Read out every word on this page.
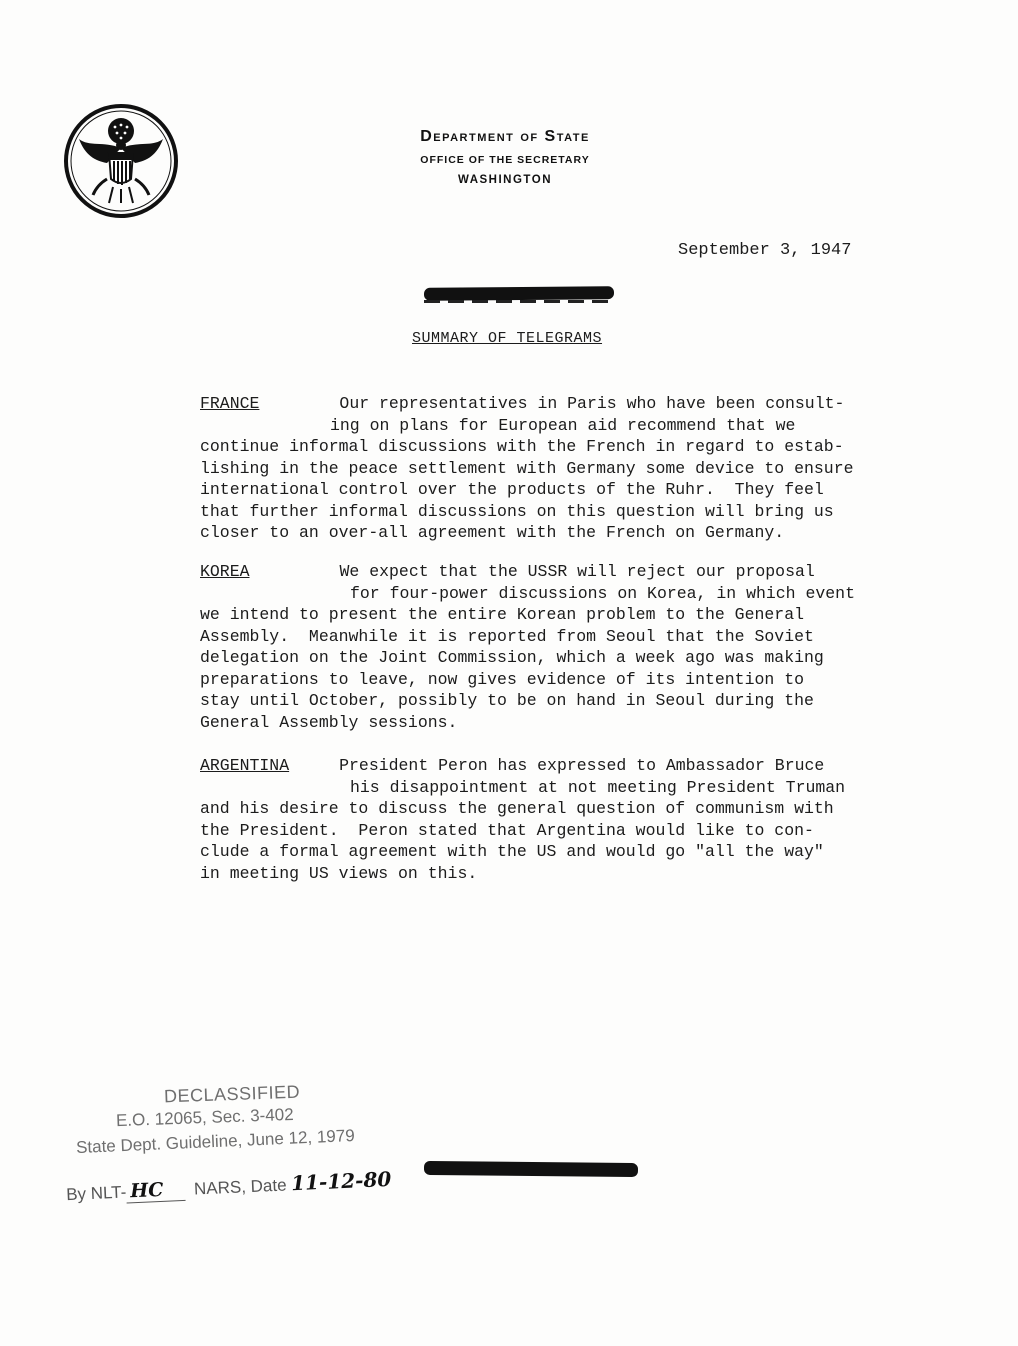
Department of State
OFFICE OF THE SECRETARY
WASHINGTON
September 3, 1947
SUMMARY OF TELEGRAMS
FRANCE	Our representatives in Paris who have been consult-
ing on plans for European aid recommend that we
continue informal discussions with the French in regard to estab-
lishing in the peace settlement with Germany some device to ensure
international control over the products of the Ruhr.  They feel
that further informal discussions on this question will bring us
closer to an over-all agreement with the French on Germany.
KOREA	We expect that the USSR will reject our proposal
for four-power discussions on Korea, in which event
we intend to present the entire Korean problem to the General
Assembly.  Meanwhile it is reported from Seoul that the Soviet
delegation on the Joint Commission, which a week ago was making
preparations to leave, now gives evidence of its intention to
stay until October, possibly to be on hand in Seoul during the
General Assembly sessions.
ARGENTINA	President Peron has expressed to Ambassador Bruce
his disappointment at not meeting President Truman
and his desire to discuss the general question of communism with
the President.  Peron stated that Argentina would like to con-
clude a formal agreement with the US and would go "all the way"
in meeting US views on this.
DECLASSIFIED
E.O. 12065, Sec. 3-402
State Dept. Guideline, June 12, 1979
By NLT- HC NARS, Date 11-12-80
